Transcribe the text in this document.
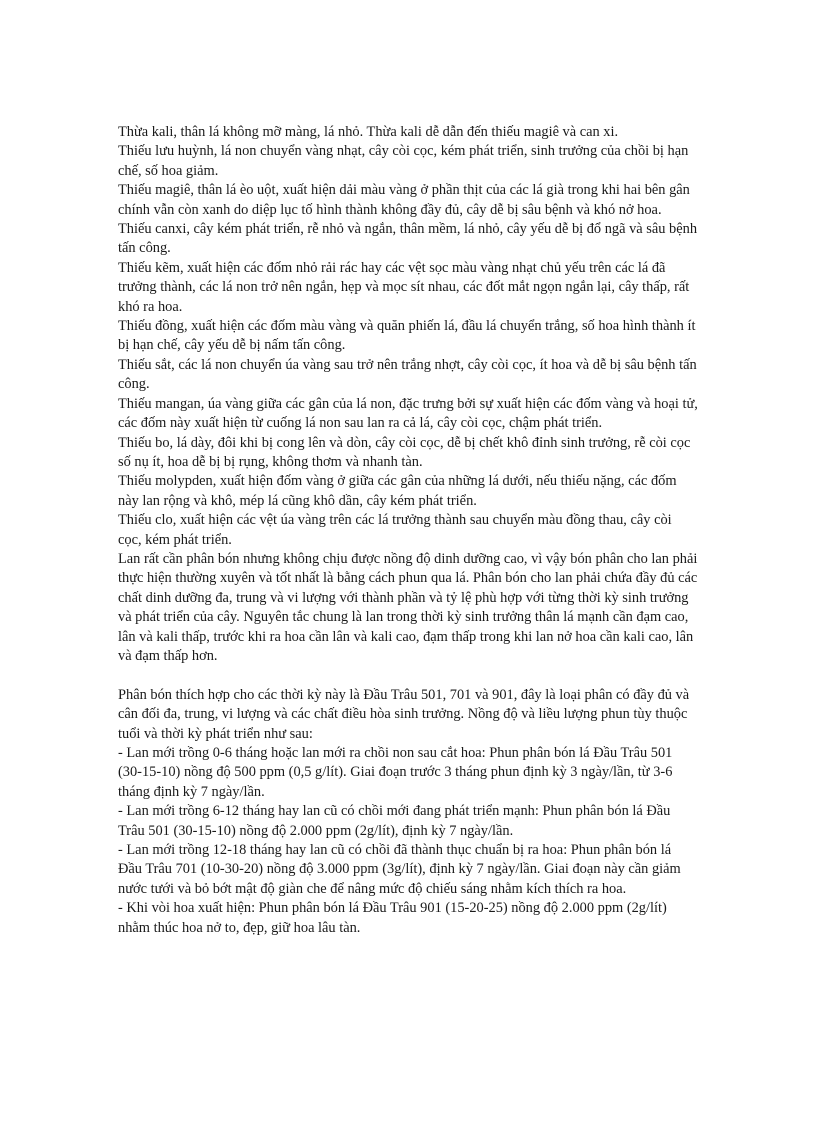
Thừa kali, thân lá không mỡ màng, lá nhỏ. Thừa kali dễ dẫn đến thiếu magiê và can xi.

Thiếu lưu huỳnh, lá non chuyển vàng nhạt, cây còi cọc, kém phát triển, sinh trưởng của chồi bị hạn chế, số hoa giảm.

Thiếu magiê, thân lá èo uột, xuất hiện dải màu vàng ở phần thịt của các lá già trong khi hai bên gân chính vẫn còn xanh do diệp lục tố hình thành không đầy đủ, cây dễ bị sâu bệnh và khó nở hoa.

Thiếu canxi, cây kém phát triển, rễ nhỏ và ngắn, thân mềm, lá nhỏ, cây yếu dễ bị đổ ngã và sâu bệnh tấn công.

Thiếu kẽm, xuất hiện các đốm nhỏ rải rác hay các vệt sọc màu vàng nhạt chủ yếu trên các lá đã trưởng thành, các lá non trở nên ngắn, hẹp và mọc sít nhau, các đốt mắt ngọn ngắn lại, cây thấp, rất khó ra hoa.

Thiếu đồng, xuất hiện các đốm màu vàng và quăn phiến lá, đầu lá chuyển trắng, số hoa hình thành ít bị hạn chế, cây yếu dễ bị nấm tấn công.

Thiếu sắt, các lá non chuyển úa vàng sau trở nên trắng nhợt, cây còi cọc, ít hoa và dễ bị sâu bệnh tấn công.

Thiếu mangan, úa vàng giữa các gân của lá non, đặc trưng bởi sự xuất hiện các đốm vàng và hoại tử, các đốm này xuất hiện từ cuống lá non sau lan ra cả lá, cây còi cọc, chậm phát triển.

Thiếu bo, lá dày, đôi khi bị cong lên và dòn, cây còi cọc, dễ bị chết khô đỉnh sinh trưởng, rễ còi cọc số nụ ít, hoa dễ bị bị rụng, không thơm và nhanh tàn.

Thiếu molypden, xuất hiện đốm vàng ở giữa các gân của những lá dưới, nếu thiếu nặng, các đốm này lan rộng và khô, mép lá cũng khô dần, cây kém phát triển.

Thiếu clo, xuất hiện các vệt úa vàng trên các lá trưởng thành sau chuyển màu đồng thau, cây còi cọc, kém phát triển.

Lan rất cần phân bón nhưng không chịu được nồng độ dinh dưỡng cao, vì vậy bón phân cho lan phải thực hiện thường xuyên và tốt nhất là bằng cách phun qua lá. Phân bón cho lan phải chứa đầy đủ các chất dinh dưỡng đa, trung và vi lượng với thành phần và tỷ lệ phù hợp với từng thời kỳ sinh trưởng và phát triển của cây. Nguyên tắc chung là lan trong thời kỳ sinh trưởng thân lá mạnh cần đạm cao, lân và kali thấp, trước khi ra hoa cần lân và kali cao, đạm thấp trong khi lan nở hoa cần kali cao, lân và đạm thấp hơn.

Phân bón thích hợp cho các thời kỳ này là Đầu Trâu 501, 701 và 901, đây là loại phân có đầy đủ và cân đối đa, trung, vi lượng và các chất điều hòa sinh trưởng. Nồng độ và liều lượng phun tùy thuộc tuổi và thời kỳ phát triển như sau:

- Lan mới trồng 0-6 tháng hoặc lan mới ra chồi non sau cắt hoa: Phun phân bón lá Đầu Trâu 501 (30-15-10) nồng độ 500 ppm (0,5 g/lít). Giai đoạn trước 3 tháng phun định kỳ 3 ngày/lần, từ 3-6 tháng định kỳ 7 ngày/lần.

- Lan mới trồng 6-12 tháng hay lan cũ có chồi mới đang phát triển mạnh: Phun phân bón lá Đầu Trâu 501 (30-15-10) nồng độ 2.000 ppm (2g/lít), định kỳ 7 ngày/lần.

- Lan mới trồng 12-18 tháng hay lan cũ có chồi đã thành thục chuẩn bị ra hoa: Phun phân bón lá Đầu Trâu 701 (10-30-20) nồng độ 3.000 ppm (3g/lít), định kỳ 7 ngày/lần. Giai đoạn này cần giảm nước tưới và bỏ bớt mật độ giàn che để nâng mức độ chiếu sáng nhằm kích thích ra hoa.

- Khi vòi hoa xuất hiện: Phun phân bón lá Đầu Trâu 901 (15-20-25) nồng độ 2.000 ppm (2g/lít) nhằm thúc hoa nở to, đẹp, giữ hoa lâu tàn.
